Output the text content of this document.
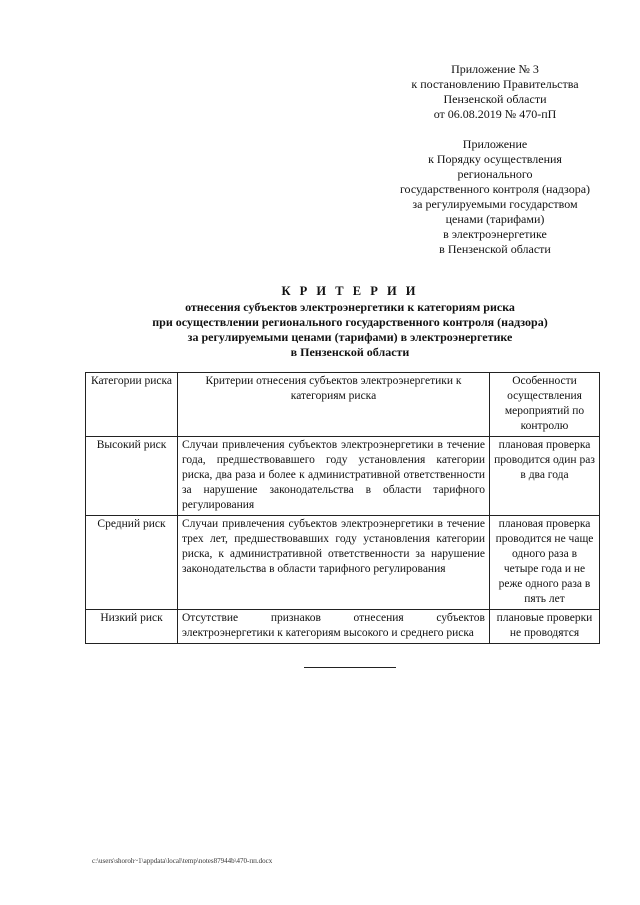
Приложение № 3
к постановлению Правительства
Пензенской области
от 06.08.2019 № 470-пП
Приложение
к Порядку осуществления
регионального
государственного контроля (надзора)
за регулируемыми государством
ценами (тарифами)
в электроэнергетике
в Пензенской области
К Р И Т Е Р И И
отнесения субъектов электроэнергетики к категориям риска
при осуществлении регионального государственного контроля (надзора)
за регулируемыми ценами (тарифами) в электроэнергетике
в Пензенской области
Категории риска	Критерии отнесения субъектов электроэнергетики к категориям риска	Особенности осуществления мероприятий по контролю
Высокий риск	Случаи привлечения субъектов электроэнергетики в течение года, предшествовавшего году установления категории риска, два раза и более к административной ответственности за нарушение законодательства в области тарифного регулирования	плановая проверка проводится один раз в два года
Средний риск	Случаи привлечения субъектов электроэнергетики в течение трех лет, предшествовавших году установления категории риска, к административной ответственности за нарушение законодательства в области тарифного регулирования	плановая проверка проводится не чаще одного раза в четыре года и не реже одного раза в пять лет
Низкий риск	Отсутствие признаков отнесения субъектов электроэнергетики к категориям высокого и среднего риска	плановые проверки не проводятся
c:\users\shoroh~1\appdata\local\temp\notes87944b\470-пп.docx
